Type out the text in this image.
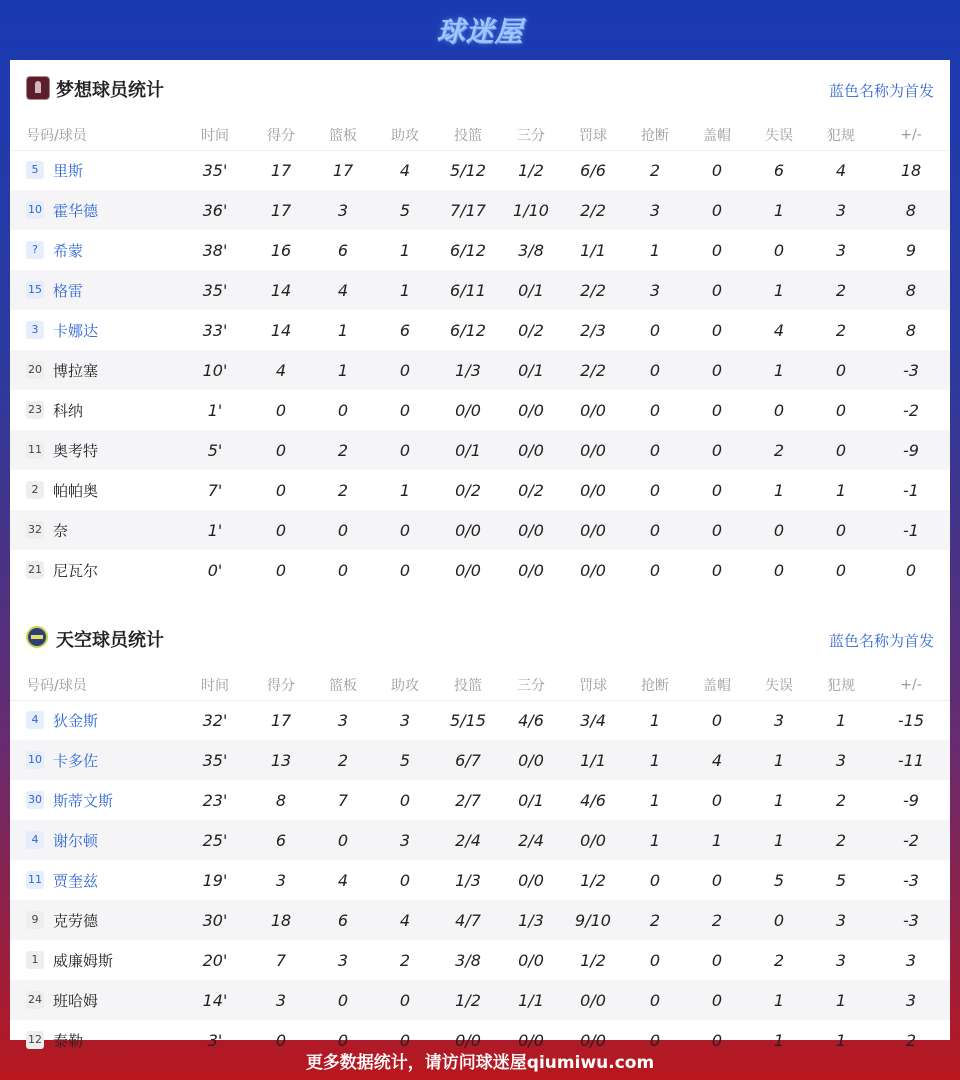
球迷屋
梦想球员统计	蓝色名称为首发
号码/球员	时间	得分	篮板	助攻	投篮	三分	罚球	抢断	盖帽	失误	犯规	+/-
5 里斯	35'	17	17	4	5/12	1/2	6/6	2	0	6	4	18
10 霍华德	36'	17	3	5	7/17	1/10	2/2	3	0	1	3	8
? 希蒙	38'	16	6	1	6/12	3/8	1/1	1	0	0	3	9
15 格雷	35'	14	4	1	6/11	0/1	2/2	3	0	1	2	8
3 卡娜达	33'	14	1	6	6/12	0/2	2/3	0	0	4	2	8
20 博拉塞	10'	4	1	0	1/3	0/1	2/2	0	0	1	0	-3
23 科纳	1'	0	0	0	0/0	0/0	0/0	0	0	0	0	-2
11 奥考特	5'	0	2	0	0/1	0/0	0/0	0	0	2	0	-9
2 帕帕奥	7'	0	2	1	0/2	0/2	0/0	0	0	1	1	-1
32 奈	1'	0	0	0	0/0	0/0	0/0	0	0	0	0	-1
21 尼瓦尔	0'	0	0	0	0/0	0/0	0/0	0	0	0	0	0
天空球员统计	蓝色名称为首发
号码/球员	时间	得分	篮板	助攻	投篮	三分	罚球	抢断	盖帽	失误	犯规	+/-
4 狄金斯	32'	17	3	3	5/15	4/6	3/4	1	0	3	1	-15
10 卡多佐	35'	13	2	5	6/7	0/0	1/1	1	4	1	3	-11
30 斯蒂文斯	23'	8	7	0	2/7	0/1	4/6	1	0	1	2	-9
4 谢尔顿	25'	6	0	3	2/4	2/4	0/0	1	1	1	2	-2
11 贾奎兹	19'	3	4	0	1/3	0/0	1/2	0	0	5	5	-3
9 克劳德	30'	18	6	4	4/7	1/3	9/10	2	2	0	3	-3
1 威廉姆斯	20'	7	3	2	3/8	0/0	1/2	0	0	2	3	3
24 班哈姆	14'	3	0	0	1/2	1/1	0/0	0	0	1	1	3
12 泰勒	3'	0	0	0	0/0	0/0	0/0	0	0	1	1	2
更多数据统计，请访问球迷屋qiumiwu.com
